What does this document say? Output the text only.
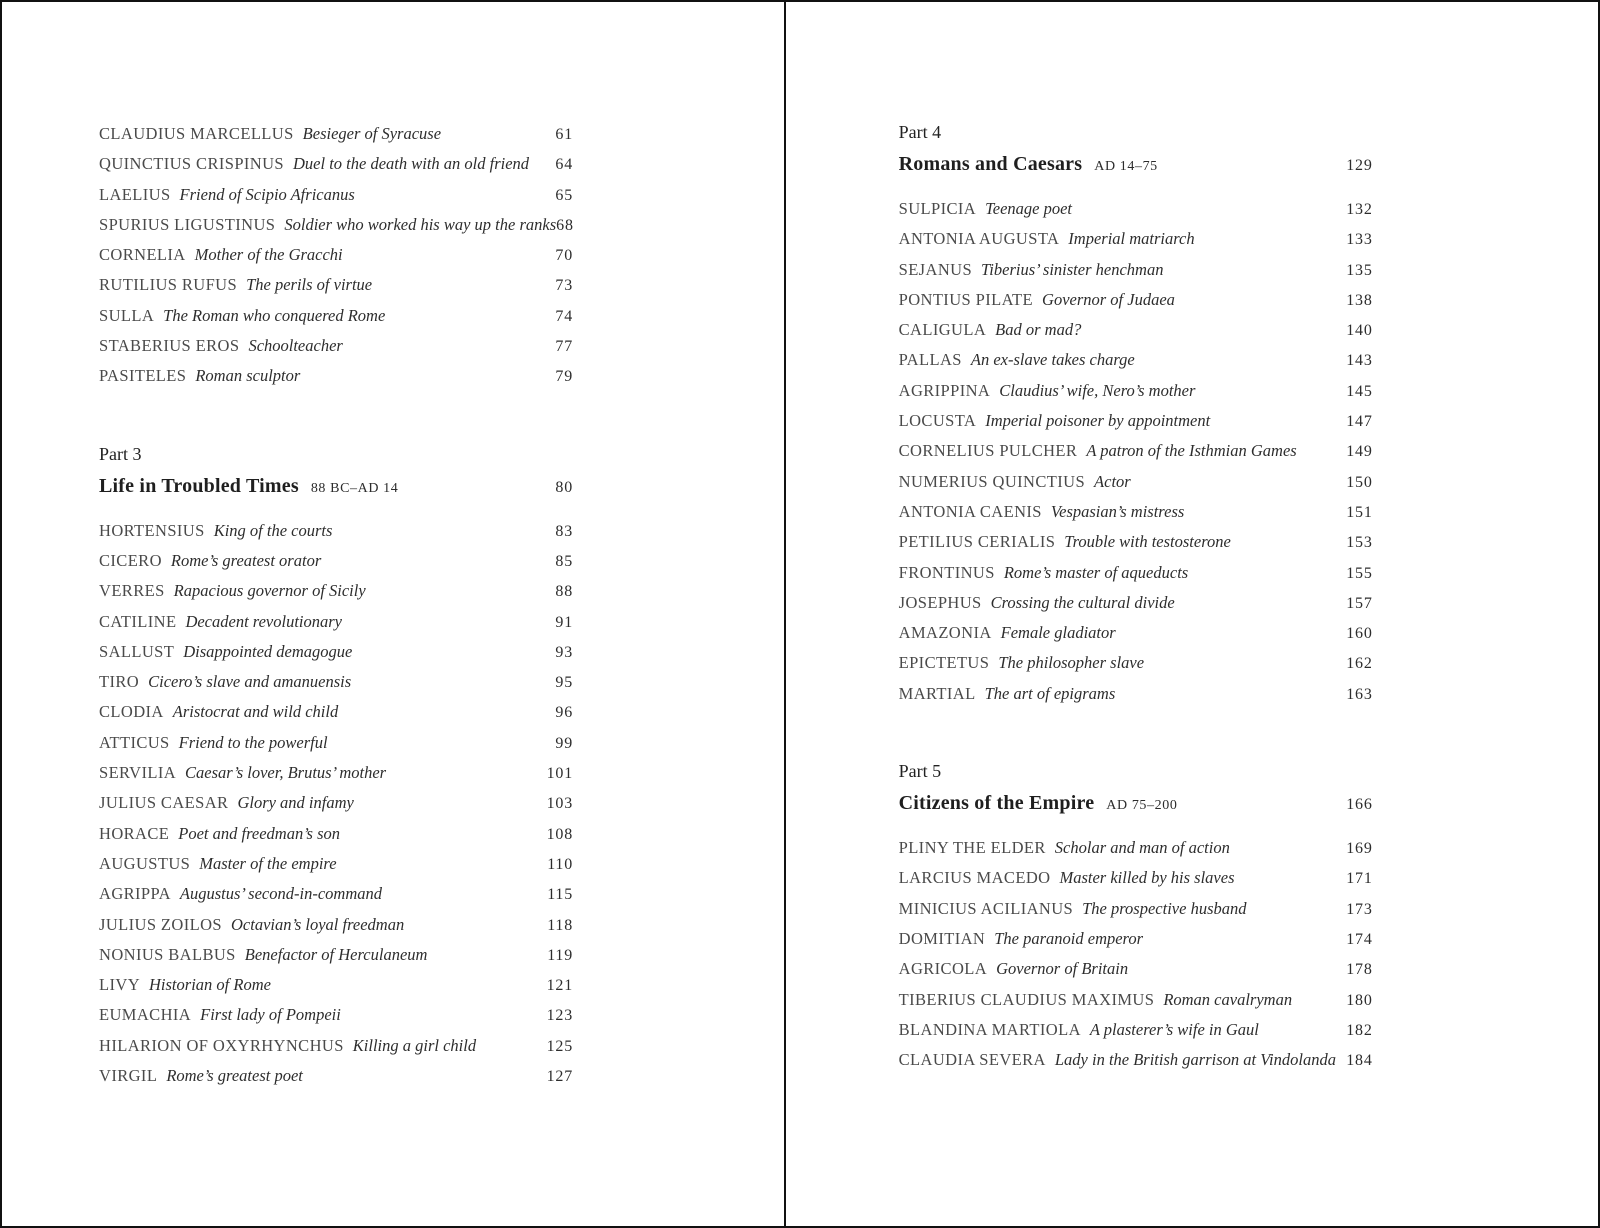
CLAUDIUS MARCELLUS Besieger of Syracuse	61
QUINCTIUS CRISPINUS Duel to the death with an old friend 64
LAELIUS Friend of Scipio Africanus	65
SPURIUS LIGUSTINUS Soldier who worked his way up the ranks 68
CORNELIA Mother of the Gracchi	70
RUTILIUS RUFUS The perils of virtue	73
SULLA The Roman who conquered Rome	74
STABERIUS EROS Schoolteacher	77
PASITELES Roman sculptor	79
Part 3
Life in Troubled Times 88 BC–AD 14	80
HORTENSIUS King of the courts	83
CICERO Rome’s greatest orator	85
VERRES Rapacious governor of Sicily	88
CATILINE Decadent revolutionary	91
SALLUST Disappointed demagogue	93
TIRO Cicero’s slave and amanuensis	95
CLODIA Aristocrat and wild child	96
ATTICUS Friend to the powerful	99
SERVILIA Caesar’s lover, Brutus’ mother	101
JULIUS CAESAR Glory and infamy	103
HORACE Poet and freedman’s son	108
AUGUSTUS Master of the empire	110
AGRIPPA Augustus’ second-in-command	115
JULIUS ZOILOS Octavian’s loyal freedman	118
NONIUS BALBUS Benefactor of Herculaneum	119
LIVY Historian of Rome	121
EUMACHIA First lady of Pompeii	123
HILARION OF OXYRHYNCHUS Killing a girl child	125
VIRGIL Rome’s greatest poet	127
Part 4
Romans and Caesars AD 14–75	129
SULPICIA Teenage poet	132
ANTONIA AUGUSTA Imperial matriarch	133
SEJANUS Tiberius’ sinister henchman	135
PONTIUS PILATE Governor of Judaea	138
CALIGULA Bad or mad?	140
PALLAS An ex-slave takes charge	143
AGRIPPINA Claudius’ wife, Nero’s mother	145
LOCUSTA Imperial poisoner by appointment	147
CORNELIUS PULCHER A patron of the Isthmian Games	149
NUMERIUS QUINCTIUS Actor	150
ANTONIA CAENIS Vespasian’s mistress	151
PETILIUS CERIALIS Trouble with testosterone	153
FRONTINUS Rome’s master of aqueducts	155
JOSEPHUS Crossing the cultural divide	157
AMAZONIA Female gladiator	160
EPICTETUS The philosopher slave	162
MARTIAL The art of epigrams	163
Part 5
Citizens of the Empire AD 75–200	166
PLINY THE ELDER Scholar and man of action	169
LARCIUS MACEDO Master killed by his slaves	171
MINICIUS ACILIANUS The prospective husband	173
DOMITIAN The paranoid emperor	174
AGRICOLA Governor of Britain	178
TIBERIUS CLAUDIUS MAXIMUS Roman cavalryman	180
BLANDINA MARTIOLA A plasterer’s wife in Gaul	182
CLAUDIA SEVERA Lady in the British garrison at Vindolanda 184
